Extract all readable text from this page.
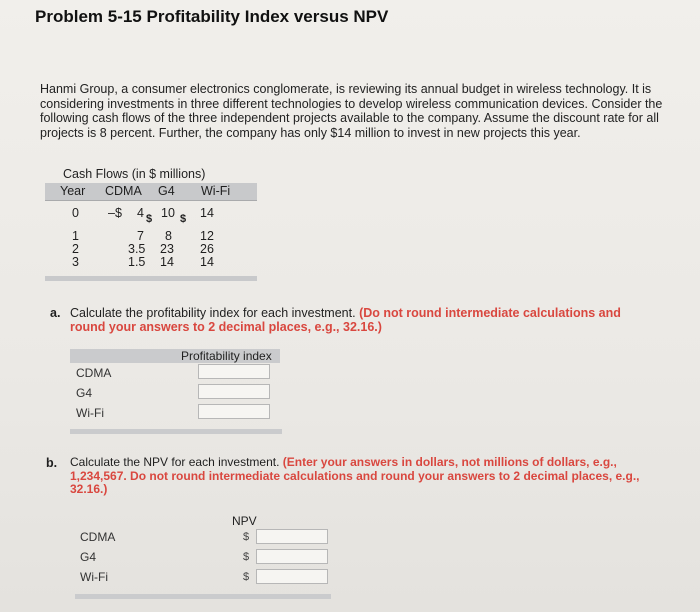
Problem 5-15 Profitability Index versus NPV
Hanmi Group, a consumer electronics conglomerate, is reviewing its annual budget in wireless technology. It is considering investments in three different technologies to develop wireless communication devices. Consider the following cash flows of the three independent projects available to the company. Assume the discount rate for all projects is 8 percent. Further, the company has only $14 million to invest in new projects this year.
Cash Flows (in $ millions)
Year CDMA G4 Wi-Fi
0 –$ 4 $ 10 $ 14
1	7 8 12
2	3.5 23 26
3	1.5 14 14
a. Calculate the profitability index for each investment. (Do not round intermediate calculations and round your answers to 2 decimal places, e.g., 32.16.)
Profitability index
CDMA
G4
Wi-Fi
b. Calculate the NPV for each investment. (Enter your answers in dollars, not millions of dollars, e.g., 1,234,567. Do not round intermediate calculations and round your answers to 2 decimal places, e.g., 32.16.)
NPV
CDMA	$
G4	$
Wi-Fi	$
